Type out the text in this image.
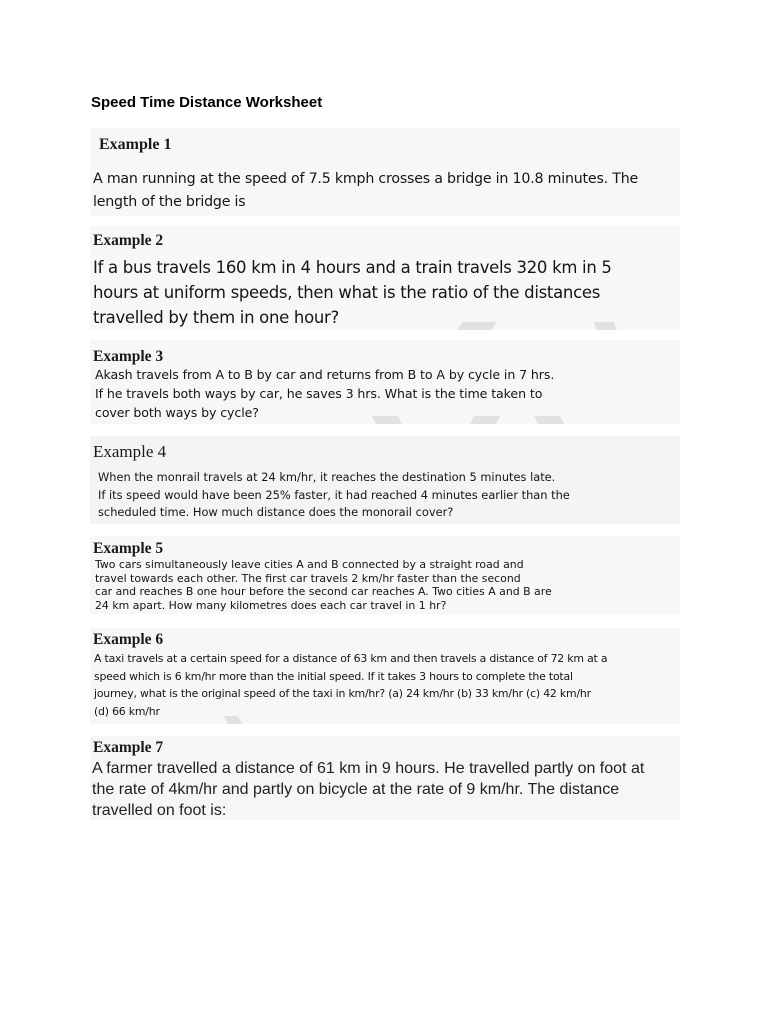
Speed Time Distance Worksheet
Example 1
A man running at the speed of 7.5 kmph crosses a bridge in 10.8 minutes. The
length of the bridge is
Example 2
If a bus travels 160 km in 4 hours and a train travels 320 km in 5
hours at uniform speeds, then what is the ratio of the distances
travelled by them in one hour?
Example 3
Akash travels from A to B by car and returns from B to A by cycle in 7 hrs.
If he travels both ways by car, he saves 3 hrs. What is the time taken to
cover both ways by cycle?
Example 4
When the monrail travels at 24 km/hr, it reaches the destination 5 minutes late.
If its speed would have been 25% faster, it had reached 4 minutes earlier than the
scheduled time. How much distance does the monorail cover?
Example 5
Two cars simultaneously leave cities A and B connected by a straight road and
travel towards each other. The first car travels 2 km/hr faster than the second
car and reaches B one hour before the second car reaches A. Two cities A and B are
24 km apart. How many kilometres does each car travel in 1 hr?
Example 6
A taxi travels at a certain speed for a distance of 63 km and then travels a distance of 72 km at a
speed which is 6 km/hr more than the initial speed. If it takes 3 hours to complete the total
journey, what is the original speed of the taxi in km/hr? (a) 24 km/hr (b) 33 km/hr (c) 42 km/hr
(d) 66 km/hr
Example 7
A farmer travelled a distance of 61 km in 9 hours. He travelled partly on foot at
the rate of 4km/hr and partly on bicycle at the rate of 9 km/hr. The distance
travelled on foot is:
